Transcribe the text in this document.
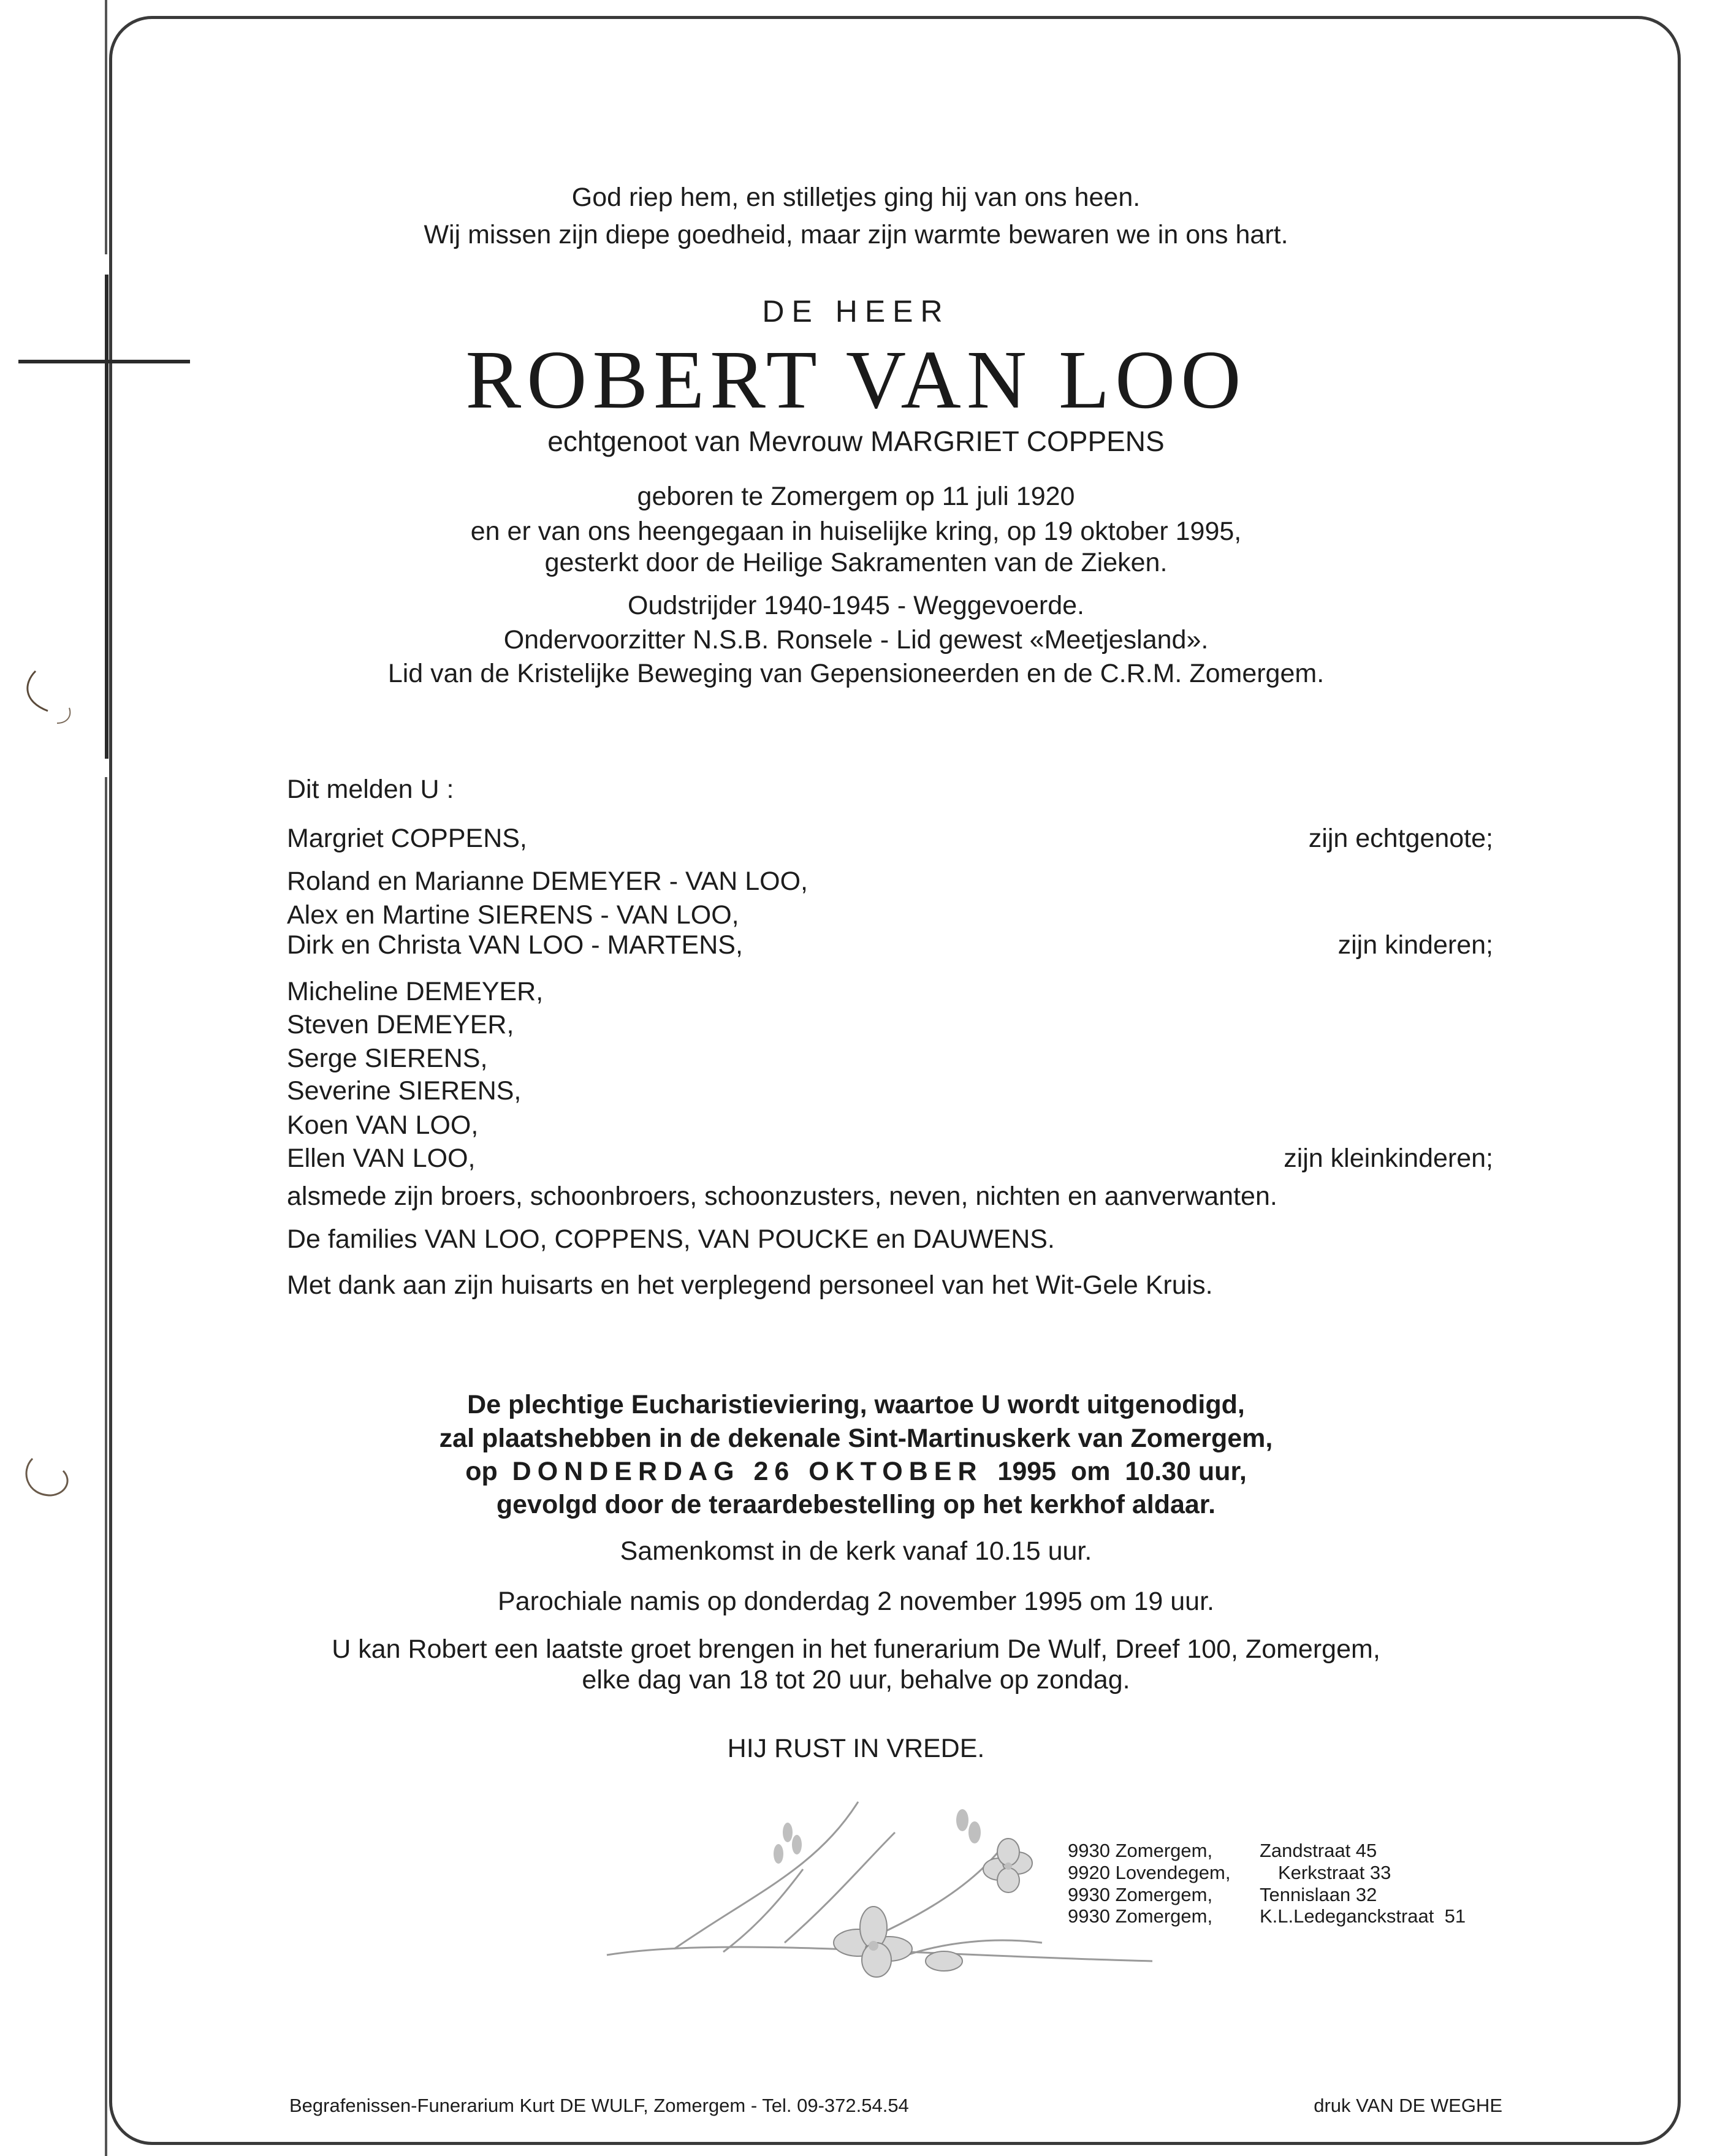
God riep hem, en stilletjes ging hij van ons heen.
Wij missen zijn diepe goedheid, maar zijn warmte bewaren we in ons hart.
DE HEER
ROBERT VAN LOO
echtgenoot van Mevrouw MARGRIET COPPENS
geboren te Zomergem op 11 juli 1920
en er van ons heengegaan in huiselijke kring, op 19 oktober 1995,
gesterkt door de Heilige Sakramenten van de Zieken.
Oudstrijder 1940-1945 - Weggevoerde.
Ondervoorzitter N.S.B. Ronsele - Lid gewest «Meetjesland».
Lid van de Kristelijke Beweging van Gepensioneerden en de C.R.M. Zomergem.
Dit melden U :
Margriet COPPENS,	zijn echtgenote;
Roland en Marianne DEMEYER - VAN LOO,
Alex en Martine SIERENS - VAN LOO,
Dirk en Christa VAN LOO - MARTENS,	zijn kinderen;
Micheline DEMEYER,
Steven DEMEYER,
Serge SIERENS,
Severine SIERENS,
Koen VAN LOO,
Ellen VAN LOO,	zijn kleinkinderen;
alsmede zijn broers, schoonbroers, schoonzusters, neven, nichten en aanverwanten.
De families VAN LOO, COPPENS, VAN POUCKE en DAUWENS.
Met dank aan zijn huisarts en het verplegend personeel van het Wit-Gele Kruis.
De plechtige Eucharistieviering, waartoe U wordt uitgenodigd,
zal plaatshebben in de dekenale Sint-Martinuskerk van Zomergem,
op DONDERDAG 26 OKTOBER 1995  om  10.30 uur,
gevolgd door de teraardebestelling op het kerkhof aldaar.
Samenkomst in de kerk vanaf 10.15 uur.
Parochiale namis op donderdag 2 november 1995 om 19 uur.
U kan Robert een laatste groet brengen in het funerarium De Wulf, Dreef 100, Zomergem,
elke dag van 18 tot 20 uur, behalve op zondag.
HIJ RUST IN VREDE.
9930 Zomergem, Zandstraat 45
9920 Lovendegem,	Kerkstraat 33
9930 Zomergem, Tennislaan 32
9930 Zomergem, K.L.Ledeganckstraat  51
Begrafenissen-Funerarium Kurt DE WULF, Zomergem - Tel. 09-372.54.54	druk VAN DE WEGHE
